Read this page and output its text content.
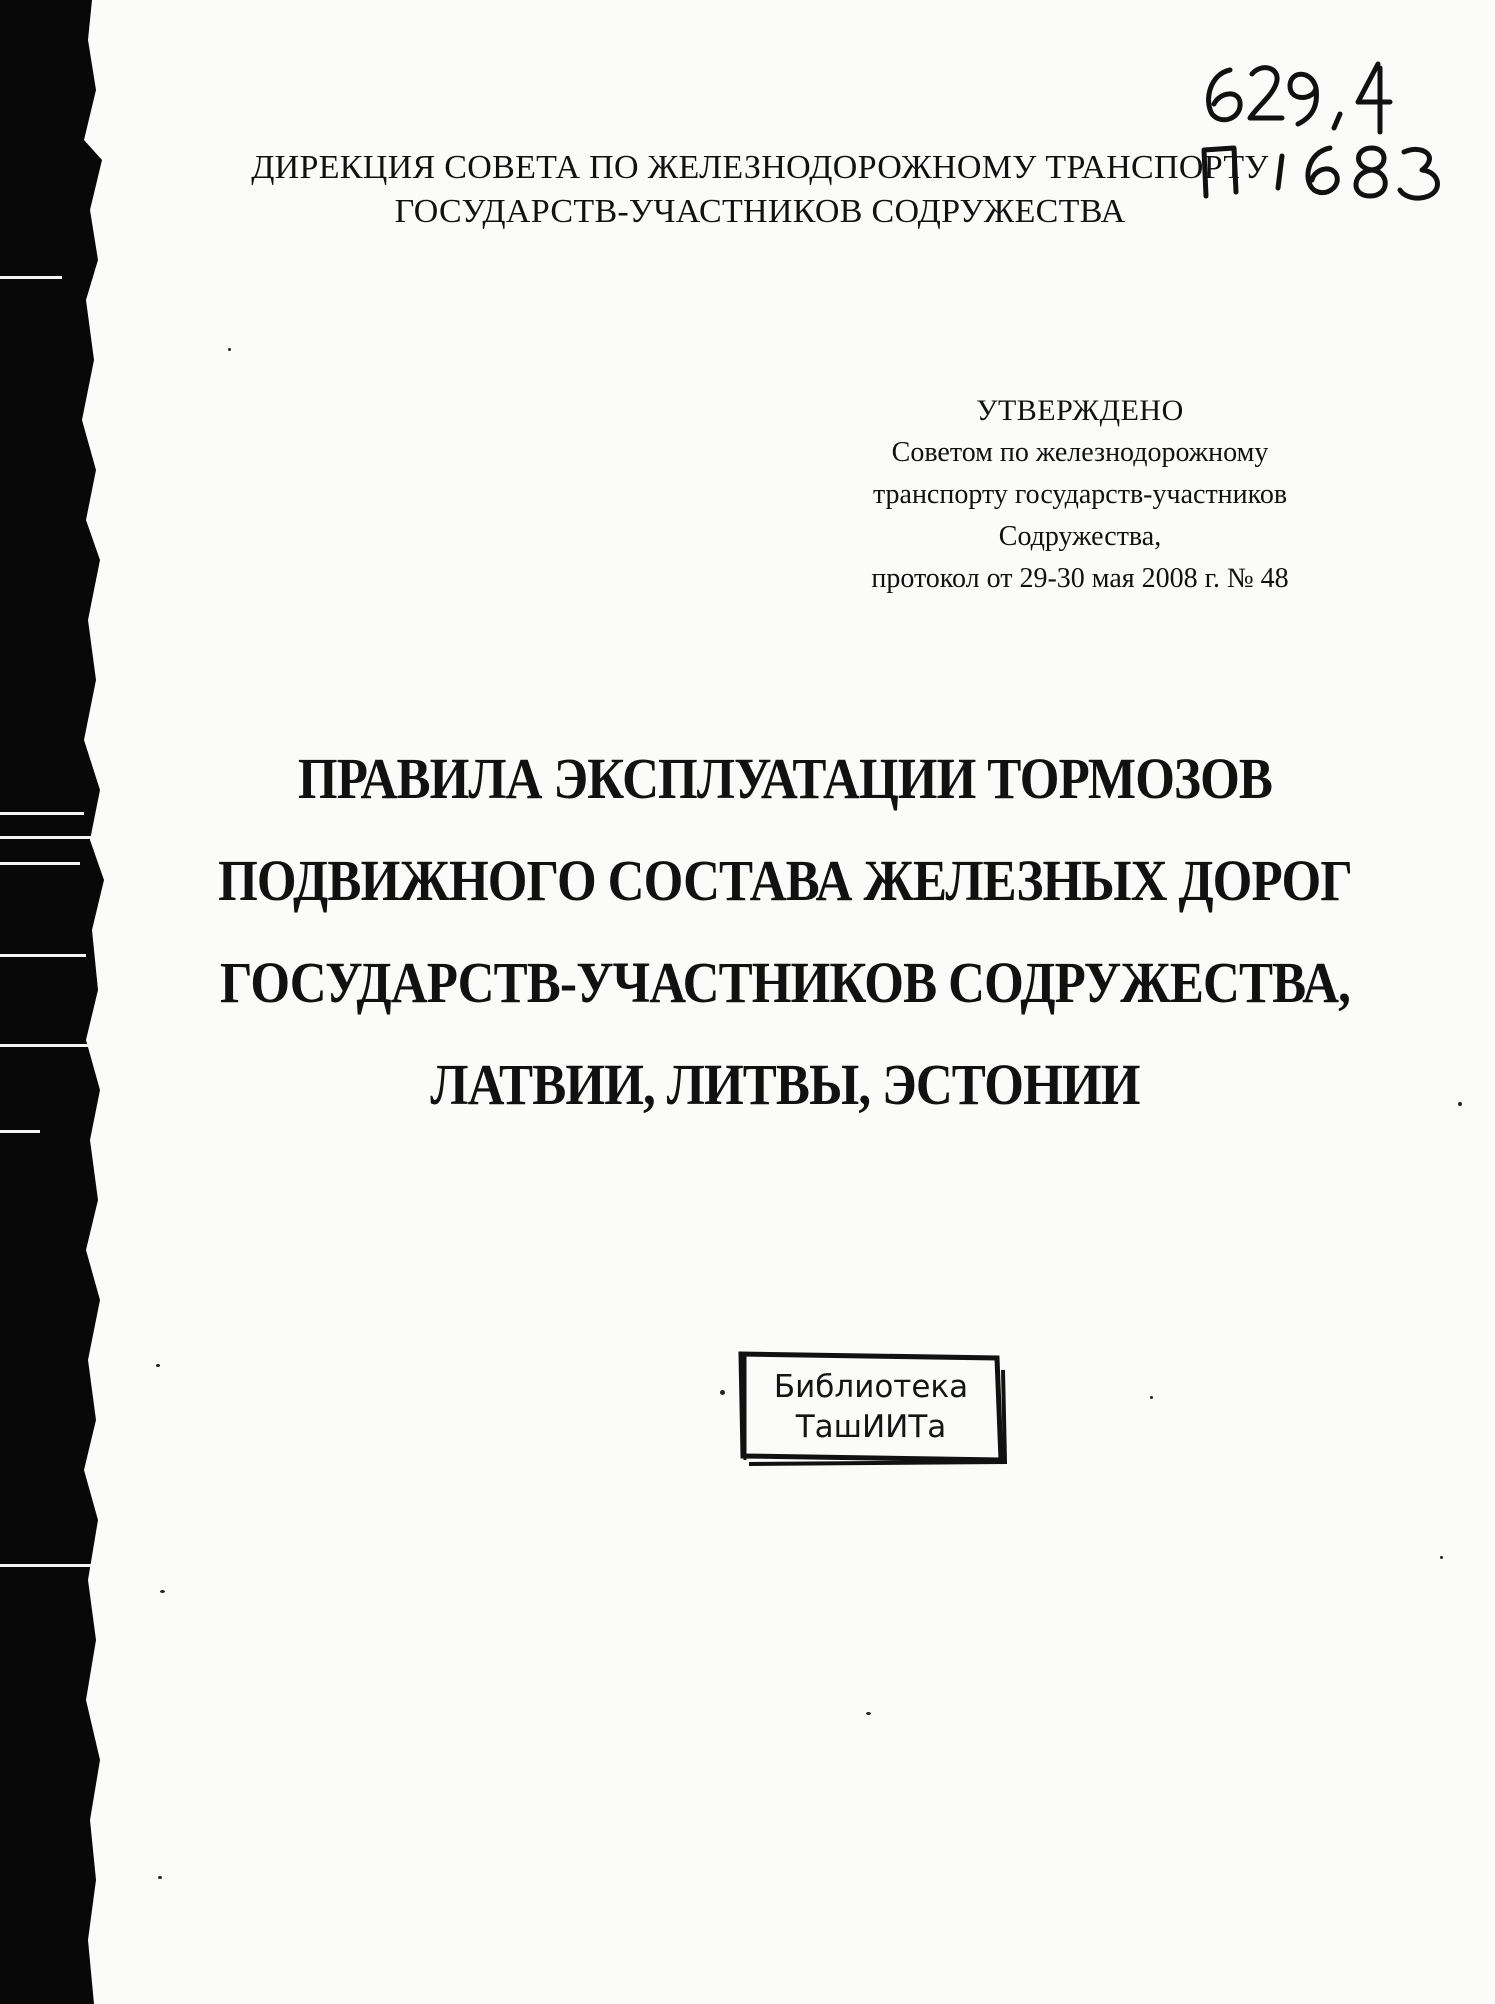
ДИРЕКЦИЯ СОВЕТА ПО ЖЕЛЕЗНОДОРОЖНОМУ ТРАНСПОРТУ
ГОСУДАРСТВ-УЧАСТНИКОВ СОДРУЖЕСТВА
УТВЕРЖДЕНО
Советом по железнодорожному
транспорту государств-участников
Содружества,
протокол от 29-30 мая 2008 г. № 48
ПРАВИЛА ЭКСПЛУАТАЦИИ ТОРМОЗОВ
ПОДВИЖНОГО СОСТАВА ЖЕЛЕЗНЫХ ДОРОГ
ГОСУДАРСТВ-УЧАСТНИКОВ СОДРУЖЕСТВА,
ЛАТВИИ, ЛИТВЫ, ЭСТОНИИ
Библиотека
ТашИИТа
